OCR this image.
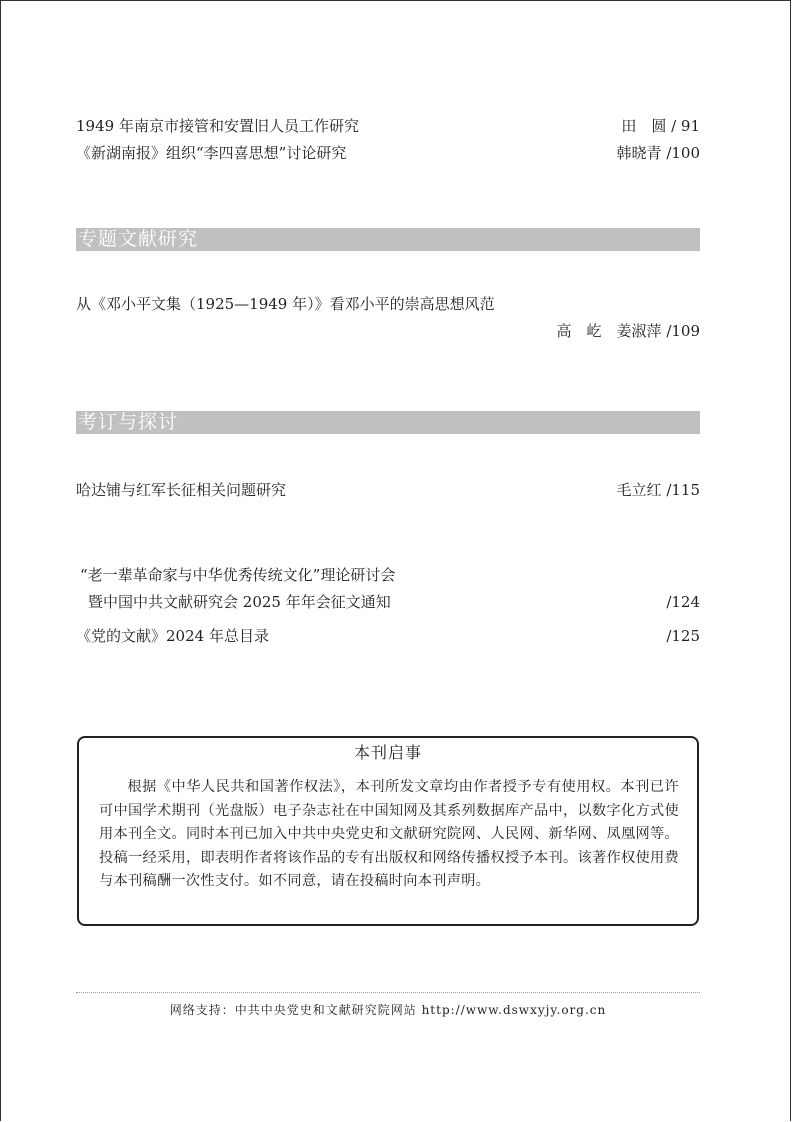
1949 年南京市接管和安置旧人员工作研究	田　圆 / 91
《新湖南报》组织“李四喜思想”讨论研究	韩晓青 /100
专题文献研究
从《邓小平文集（1925—1949 年）》看邓小平的崇高思想风范
高　屹　姜淑萍 /109
考订与探讨
哈达铺与红军长征相关问题研究	毛立红 /115
“老一辈革命家与中华优秀传统文化”理论研讨会
暨中国中共文献研究会 2025 年年会征文通知	/124
《党的文献》2024 年总目录	/125
本刊启事
根据《中华人民共和国著作权法》，本刊所发文章均由作者授予专有使用权。本刊已许可中国学术期刊（光盘版）电子杂志社在中国知网及其系列数据库产品中，以数字化方式使用本刊全文。同时本刊已加入中共中央党史和文献研究院网、人民网、新华网、凤凰网等。投稿一经采用，即表明作者将该作品的专有出版权和网络传播权授予本刊。该著作权使用费与本刊稿酬一次性支付。如不同意，请在投稿时向本刊声明。
网络支持：中共中央党史和文献研究院网站 http://www.dswxyjy.org.cn
